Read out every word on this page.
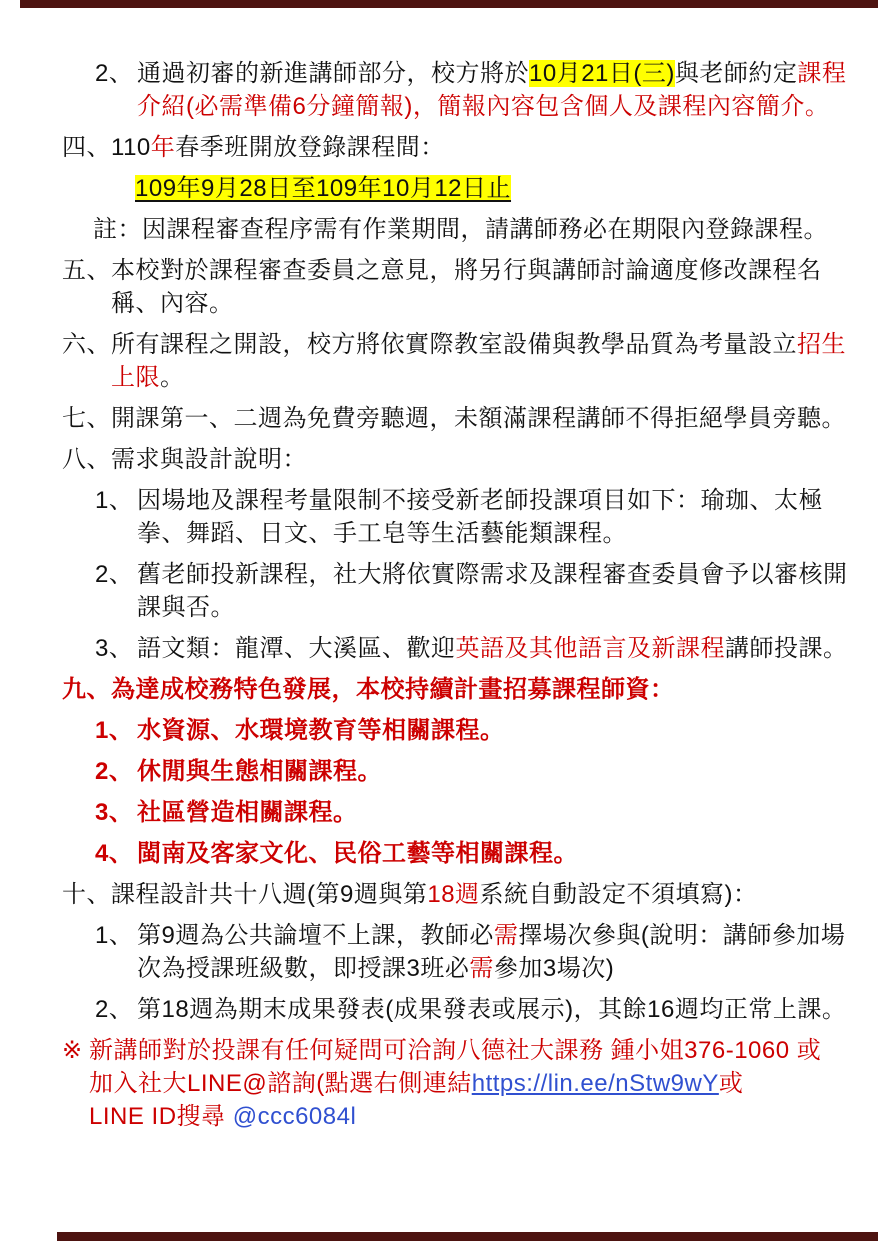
2、 通過初審的新進講師部分，校方將於10月21日(三)與老師約定課程介紹(必需準備6分鐘簡報)，簡報內容包含個人及課程內容簡介。
四、 110年春季班開放登錄課程間：
109年9月28日至109年10月12日止
註：因課程審查程序需有作業期間，請講師務必在期限內登錄課程。
五、 本校對於課程審查委員之意見，將另行與講師討論適度修改課程名稱、內容。
六、 所有課程之開設，校方將依實際教室設備與教學品質為考量設立招生上限。
七、 開課第一、二週為免費旁聽週，未額滿課程講師不得拒絕學員旁聽。
八、 需求與設計說明：
1、 因場地及課程考量限制不接受新老師投課項目如下：瑜珈、太極拳、舞蹈、日文、手工皂等生活藝能類課程。
2、 舊老師投新課程，社大將依實際需求及課程審查委員會予以審核開課與否。
3、 語文類：龍潭、大溪區、歡迎英語及其他語言及新課程講師投課。
九、 為達成校務特色發展，本校持續計畫招募課程師資：
1、 水資源、水環境教育等相關課程。
2、 休閒與生態相關課程。
3、 社區營造相關課程。
4、 閩南及客家文化、民俗工藝等相關課程。
十、 課程設計共十八週(第9週與第18週系統自動設定不須填寫)：
1、 第9週為公共論壇不上課，教師必需擇場次參與(說明：講師參加場次為授課班級數，即授課3班必需參加3場次)
2、 第18週為期末成果發表(成果發表或展示)，其餘16週均正常上課。
※ 新講師對於投課有任何疑問可洽詢八德社大課務 鍾小姐376-1060 或
加入社大LINE@諮詢(點選右側連結https://lin.ee/nStw9wY或
LINE ID搜尋 @ccc6084l
